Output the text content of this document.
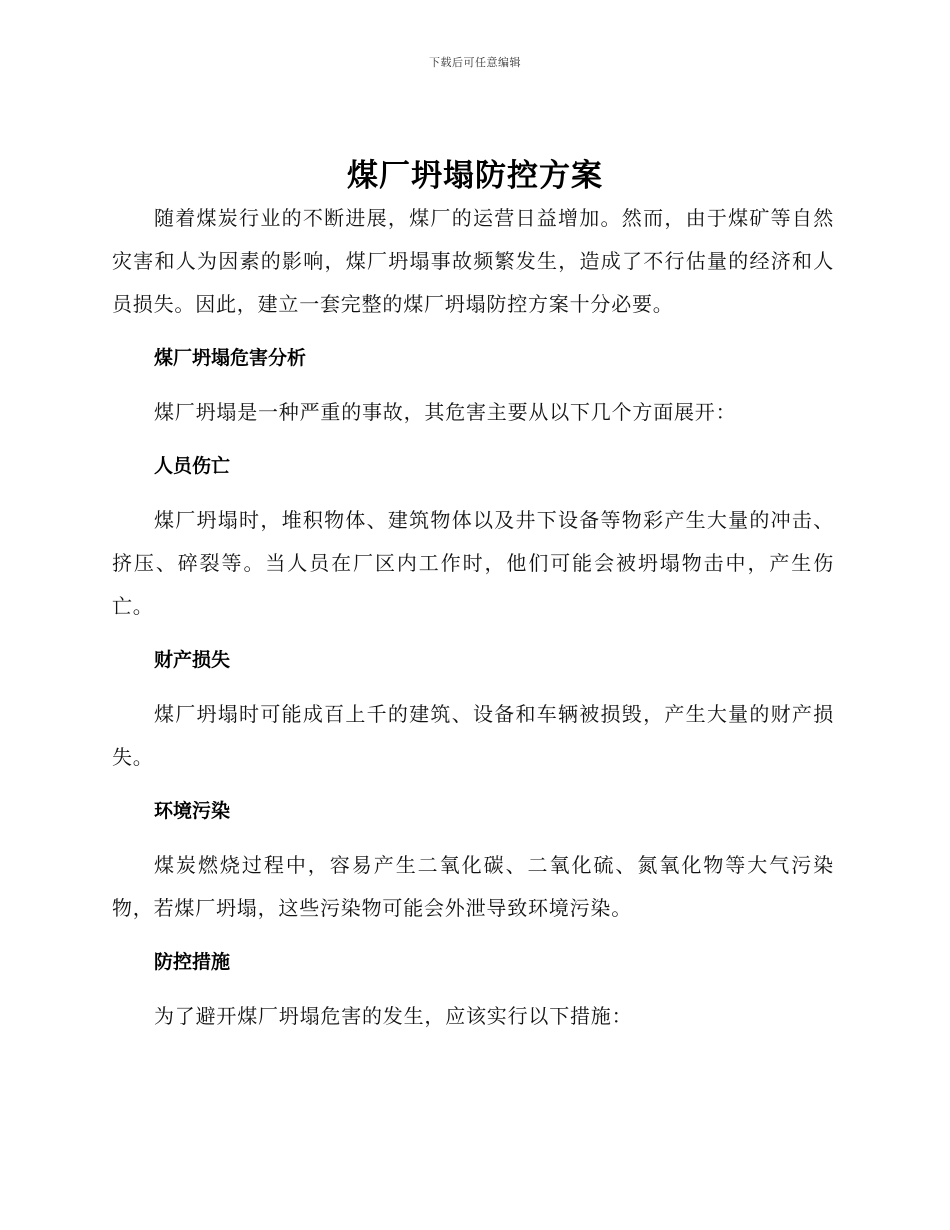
下载后可任意编辑
煤厂坍塌防控方案

随着煤炭行业的不断进展，煤厂的运营日益增加。然而，由于煤矿等自然灾害和人为因素的影响，煤厂坍塌事故频繁发生，造成了不行估量的经济和人员损失。因此，建立一套完整的煤厂坍塌防控方案十分必要。

煤厂坍塌危害分析

煤厂坍塌是一种严重的事故，其危害主要从以下几个方面展开：

人员伤亡

煤厂坍塌时，堆积物体、建筑物体以及井下设备等物彩产生大量的冲击、挤压、碎裂等。当人员在厂区内工作时，他们可能会被坍塌物击中，产生伤亡。

财产损失

煤厂坍塌时可能成百上千的建筑、设备和车辆被损毁，产生大量的财产损失。

环境污染

煤炭燃烧过程中，容易产生二氧化碳、二氧化硫、氮氧化物等大气污染物，若煤厂坍塌，这些污染物可能会外泄导致环境污染。

防控措施

为了避开煤厂坍塌危害的发生，应该实行以下措施：
